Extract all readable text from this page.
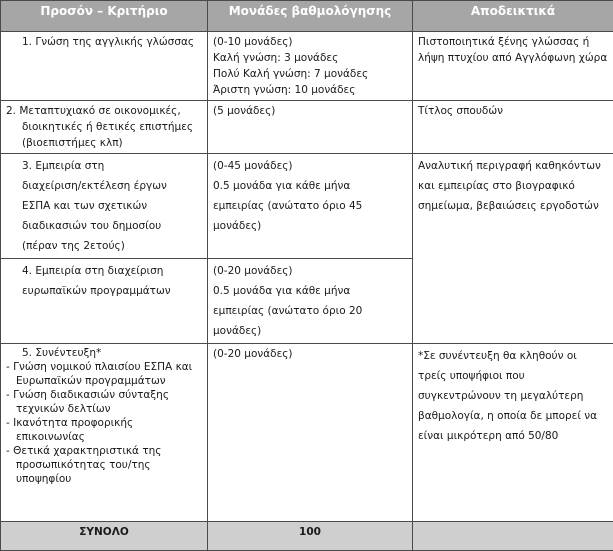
Προσόν – Κριτήριο	Μονάδες βαθμολόγησης	Αποδεικτικά

1. Γνώση της αγγλικής γλώσσας	(0-10 μονάδες)
Καλή γνώση: 3 μονάδες
Πολύ Καλή γνώση: 7 μονάδες
Άριστη γνώση: 10 μονάδες	Πιστοποιητικά ξένης γλώσσας ή λήψη πτυχίου από Αγγλόφωνη χώρα

2. Μεταπτυχιακό σε οικονομικές,
διοικητικές ή θετικές επιστήμες
(βιοεπιστήμες κλπ)	(5 μονάδες)	Τίτλος σπουδών

3. Εμπειρία στη
διαχείριση/εκτέλεση έργων
ΕΣΠΑ και των σχετικών
διαδικασιών του δημοσίου
(πέραν της 2ετούς)	(0-45 μονάδες)
0.5 μονάδα για κάθε μήνα
εμπειρίας (ανώτατο όριο 45
μονάδες)	Αναλυτική περιγραφή καθηκόντων και εμπειρίας στο βιογραφικό σημείωμα, βεβαιώσεις εργοδοτών

4. Εμπειρία στη διαχείριση
ευρωπαϊκών προγραμμάτων	(0-20 μονάδες)
0.5 μονάδα για κάθε μήνα
εμπειρίας (ανώτατο όριο 20
μονάδες)	

5. Συνέντευξη*
- Γνώση νομικού πλαισίου ΕΣΠΑ και Ευρωπαϊκών προγραμμάτων
- Γνώση διαδικασιών σύνταξης τεχνικών δελτίων
- Ικανότητα προφορικής επικοινωνίας
- Θετικά χαρακτηριστικά της προσωπικότητας του/της υποψηφίου	(0-20 μονάδες)	*Σε συνέντευξη θα κληθούν οι τρείς υποψήφιοι που συγκεντρώνουν τη μεγαλύτερη βαθμολογία, η οποία δε μπορεί να είναι μικρότερη από 50/80

ΣΥΝΟΛΟ	100	
